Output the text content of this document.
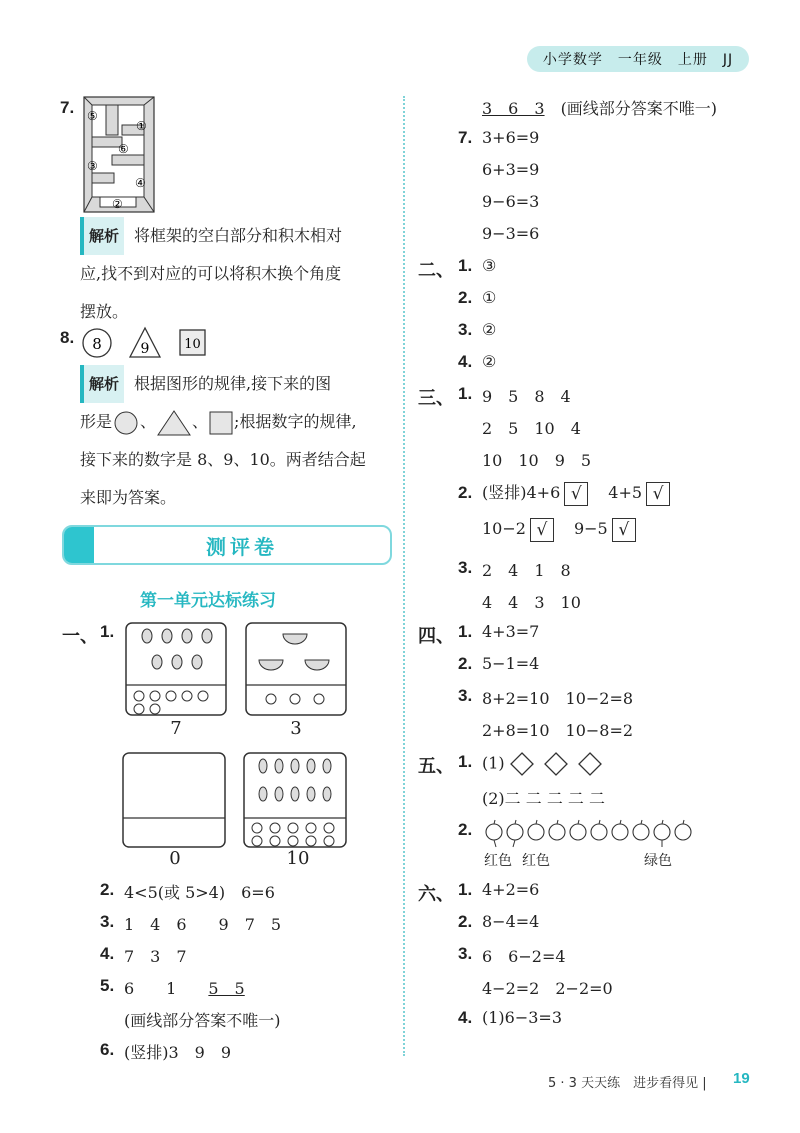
小学数学　一年级　上册　JJ
7. ⑤
①
⑥
③
④
②
解析 将框架的空白部分和积木相对
应,找不到对应的可以将积木换个角度
摆放。
8. 8	9	10
解析 根据图形的规律,接下来的图
形是 、 、 ;根据数字的规律,
接下来的数字是 8、9、10。两者结合起
来即为答案。
测评卷
第一单元达标练习
一、 1.
7	3
0	10
2. 4<5(或 5>4)　6=6
3. 1　4　6　　9　7　5
4. 7　3　7
5. 6　　1　　5　5
(画线部分答案不唯一)
6. (竖排)3　9　9
3　6　3　 (画线部分答案不唯一)
7. 3+6=9
6+3=9
9−6=3
9−3=6
二、 1. ③
2. ①
3. ②
4. ②
三、 1. 9　5　8　4
2　5　10　4
10　10　9　5
2. (竖排)4+6 √　 4+5 √
10−2 √　 9−5 √
3. 2　4　1　8
4　4　3　10
四、 1. 4+3=7
2. 5−1=4
3. 8+2=10　10−2=8
2+8=10　10−8=2
五、 1. (1)
(2)二 二 二 二 二
2.
红色 红色	绿色
六、 1. 4+2=6
2. 8−4=4
3. 6　6−2=4
4−2=2　2−2=0
4. (1)6−3=3
5 · 3 天天练　进步看得见 | 19
